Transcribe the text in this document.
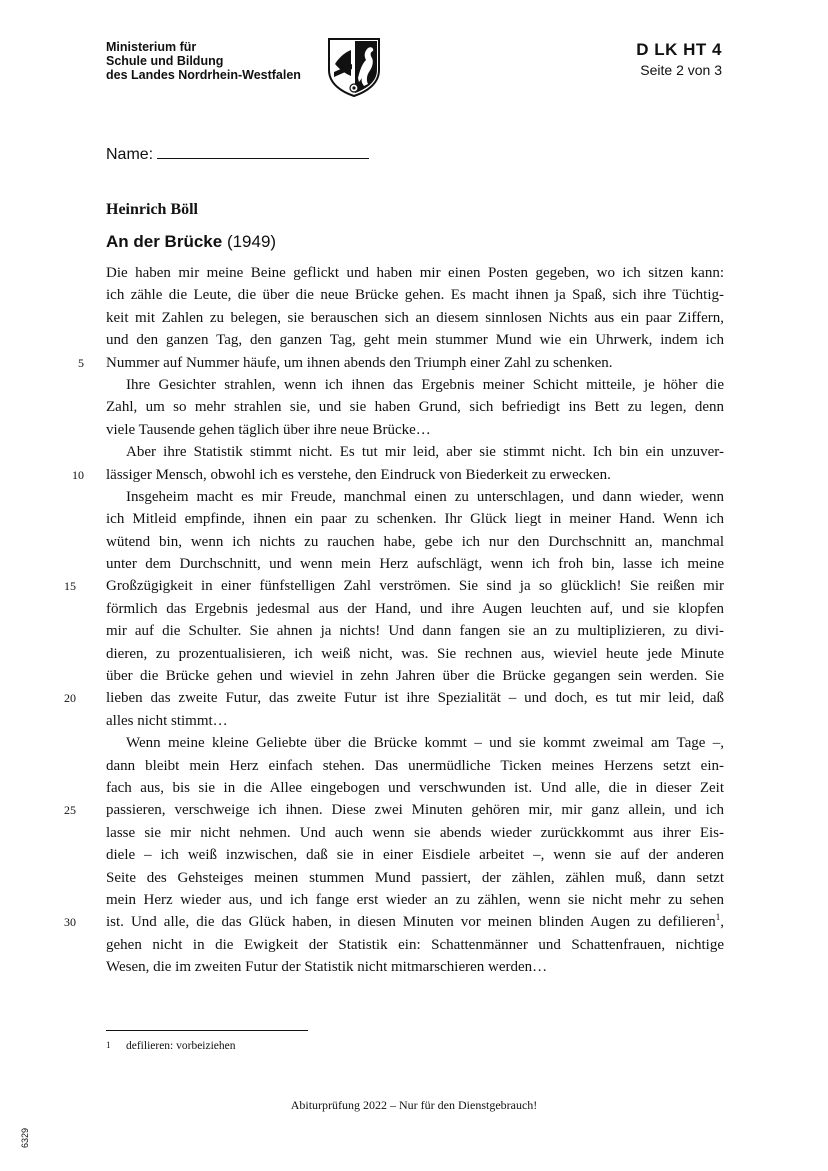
Ministerium für
Schule und Bildung
des Landes Nordrhein-Westfalen
D LK HT 4
Seite 2 von 3
Name:
Heinrich Böll
An der Brücke (1949)
Die haben mir meine Beine geflickt und haben mir einen Posten gegeben, wo ich sitzen kann:
ich zähle die Leute, die über die neue Brücke gehen. Es macht ihnen ja Spaß, sich ihre Tüchtig-
keit mit Zahlen zu belegen, sie berauschen sich an diesem sinnlosen Nichts aus ein paar Ziffern,
und den ganzen Tag, den ganzen Tag, geht mein stummer Mund wie ein Uhrwerk, indem ich
5 Nummer auf Nummer häufe, um ihnen abends den Triumph einer Zahl zu schenken.
Ihre Gesichter strahlen, wenn ich ihnen das Ergebnis meiner Schicht mitteile, je höher die
Zahl, um so mehr strahlen sie, und sie haben Grund, sich befriedigt ins Bett zu legen, denn
viele Tausende gehen täglich über ihre neue Brücke…
Aber ihre Statistik stimmt nicht. Es tut mir leid, aber sie stimmt nicht. Ich bin ein unzuver-
10 lässiger Mensch, obwohl ich es verstehe, den Eindruck von Biederkeit zu erwecken.
Insgeheim macht es mir Freude, manchmal einen zu unterschlagen, und dann wieder, wenn
ich Mitleid empfinde, ihnen ein paar zu schenken. Ihr Glück liegt in meiner Hand. Wenn ich
wütend bin, wenn ich nichts zu rauchen habe, gebe ich nur den Durchschnitt an, manchmal
unter dem Durchschnitt, und wenn mein Herz aufschlägt, wenn ich froh bin, lasse ich meine
15	Großzügigkeit in einer fünfstelligen Zahl verströmen. Sie sind ja so glücklich! Sie reißen mir
förmlich das Ergebnis jedesmal aus der Hand, und ihre Augen leuchten auf, und sie klopfen
mir auf die Schulter. Sie ahnen ja nichts! Und dann fangen sie an zu multiplizieren, zu divi-
dieren, zu prozentualisieren, ich weiß nicht, was. Sie rechnen aus, wieviel heute jede Minute
über die Brücke gehen und wieviel in zehn Jahren über die Brücke gegangen sein werden. Sie
20	lieben das zweite Futur, das zweite Futur ist ihre Spezialität – und doch, es tut mir leid, daß
alles nicht stimmt…
Wenn meine kleine Geliebte über die Brücke kommt – und sie kommt zweimal am Tage –,
dann bleibt mein Herz einfach stehen. Das unermüdliche Ticken meines Herzens setzt ein-
fach aus, bis sie in die Allee eingebogen und verschwunden ist. Und alle, die in dieser Zeit
25	passieren, verschweige ich ihnen. Diese zwei Minuten gehören mir, mir ganz allein, und ich
lasse sie mir nicht nehmen. Und auch wenn sie abends wieder zurückkommt aus ihrer Eis-
diele – ich weiß inzwischen, daß sie in einer Eisdiele arbeitet –, wenn sie auf der anderen
Seite des Gehsteiges meinen stummen Mund passiert, der zählen, zählen muß, dann setzt
mein Herz wieder aus, und ich fange erst wieder an zu zählen, wenn sie nicht mehr zu sehen
30	ist. Und alle, die das Glück haben, in diesen Minuten vor meinen blinden Augen zu defilieren$^1$,
gehen nicht in die Ewigkeit der Statistik ein: Schattenmänner und Schattenfrauen, nichtige
Wesen, die im zweiten Futur der Statistik nicht mitmarschieren werden…
1 defilieren: vorbeiziehen
Abiturprüfung 2022 – Nur für den Dienstgebrauch!
6329
